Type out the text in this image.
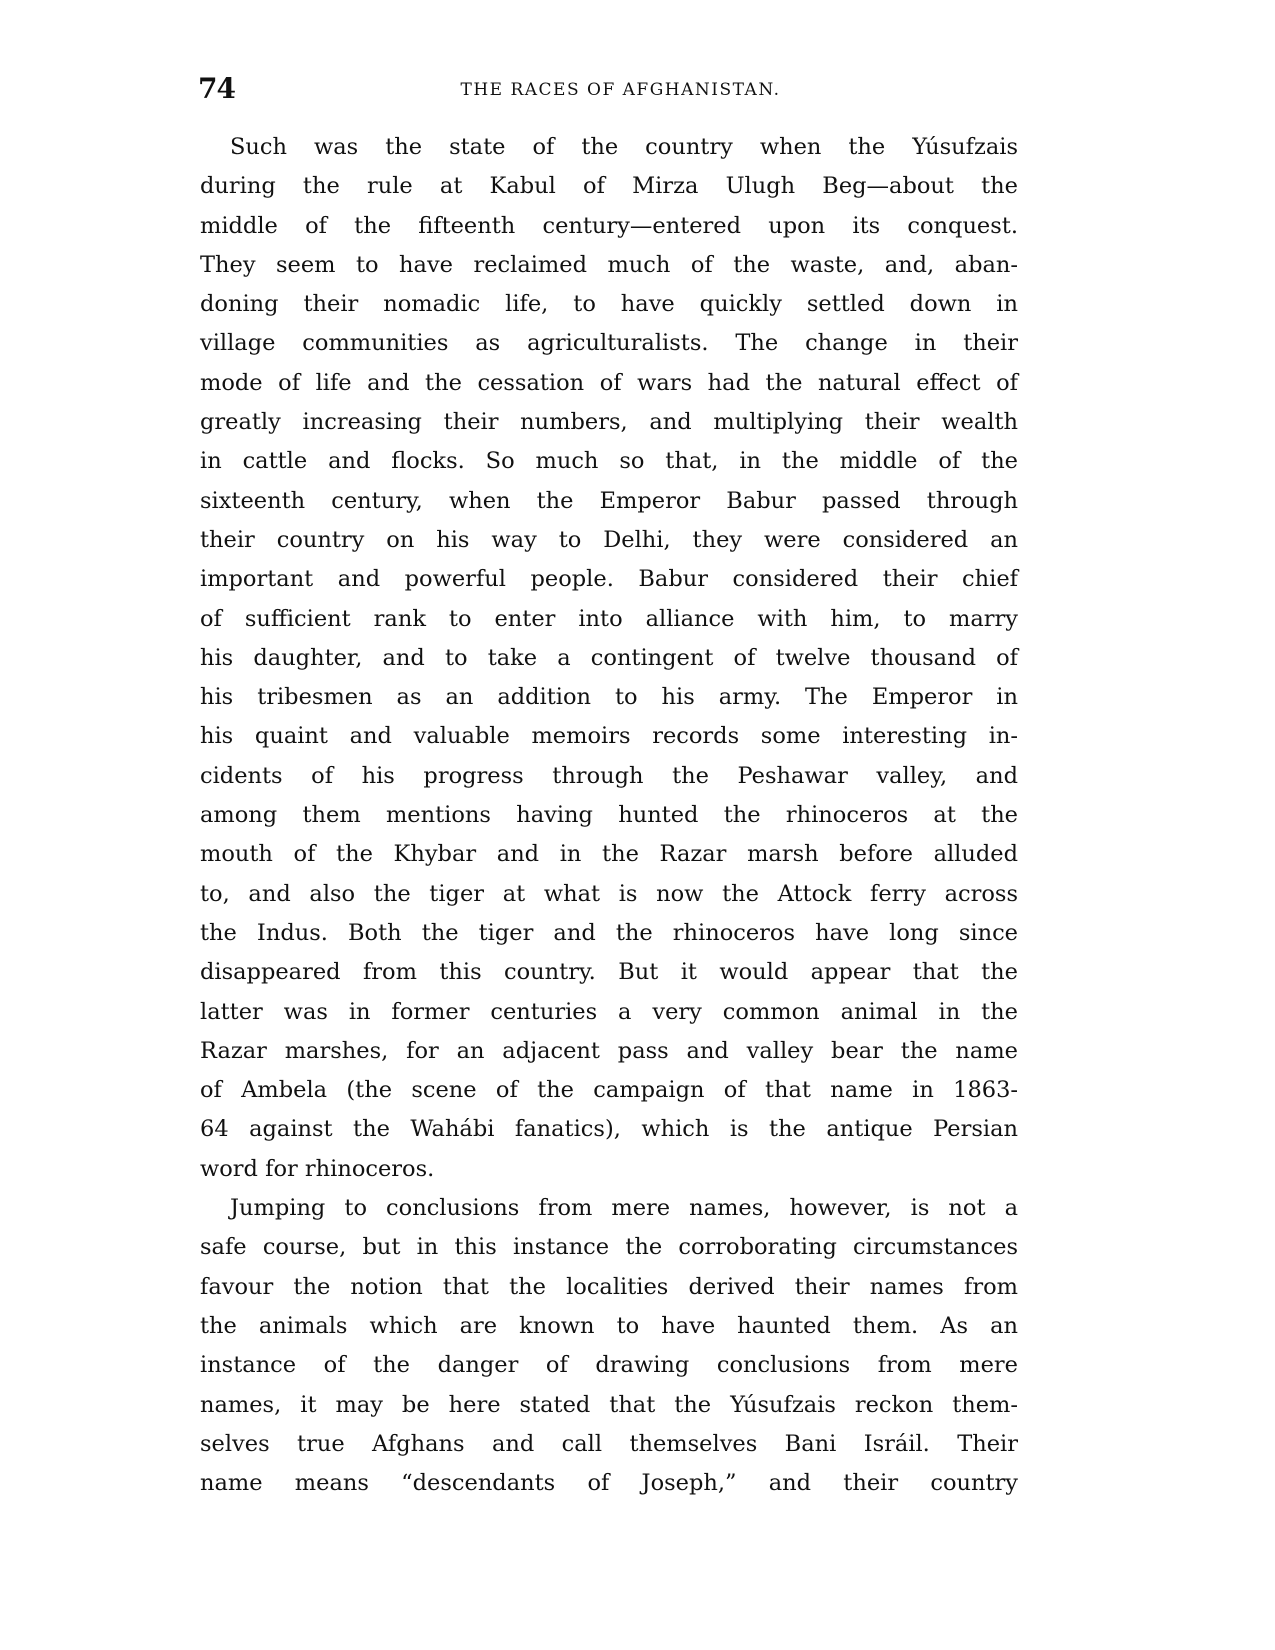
74	THE RACES OF AFGHANISTAN.
Such was the state of the country when the Yúsufzais
during the rule at Kabul of Mirza Ulugh Beg—about the
middle of the fifteenth century—entered upon its conquest.
They seem to have reclaimed much of the waste, and, aban-
doning their nomadic life, to have quickly settled down in
village communities as agriculturalists. The change in their
mode of life and the cessation of wars had the natural effect of
greatly increasing their numbers, and multiplying their wealth
in cattle and flocks. So much so that, in the middle of the
sixteenth century, when the Emperor Babur passed through
their country on his way to Delhi, they were considered an
important and powerful people. Babur considered their chief
of sufficient rank to enter into alliance with him, to marry
his daughter, and to take a contingent of twelve thousand of
his tribesmen as an addition to his army. The Emperor in
his quaint and valuable memoirs records some interesting in-
cidents of his progress through the Peshawar valley, and
among them mentions having hunted the rhinoceros at the
mouth of the Khybar and in the Razar marsh before alluded
to, and also the tiger at what is now the Attock ferry across
the Indus. Both the tiger and the rhinoceros have long since
disappeared from this country. But it would appear that the
latter was in former centuries a very common animal in the
Razar marshes, for an adjacent pass and valley bear the name
of Ambela (the scene of the campaign of that name in 1863-
64 against the Wahábi fanatics), which is the antique Persian
word for rhinoceros.
Jumping to conclusions from mere names, however, is not a
safe course, but in this instance the corroborating circumstances
favour the notion that the localities derived their names from
the animals which are known to have haunted them. As an
instance of the danger of drawing conclusions from mere
names, it may be here stated that the Yúsufzais reckon them-
selves true Afghans and call themselves Bani Isráil. Their
name means “descendants of Joseph,” and their country
